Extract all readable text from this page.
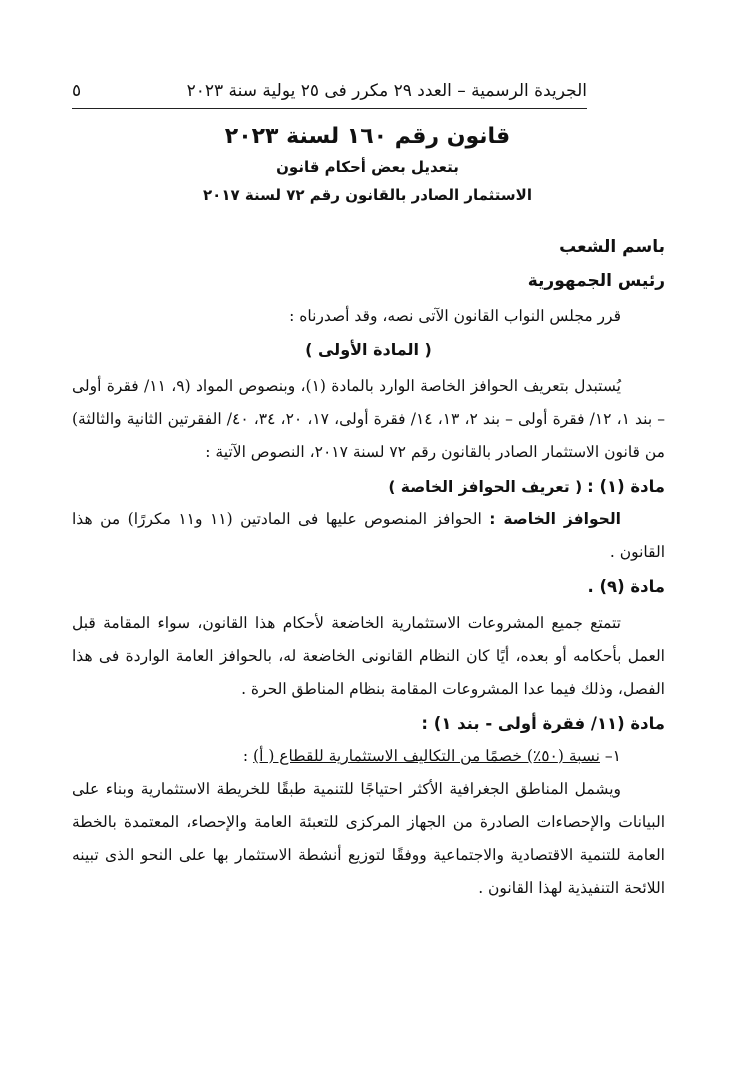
الجريدة الرسمية – العدد ٢٩ مكرر فى ٢٥ يولية سنة ٢٠٢٣
٥

قانون رقم ١٦٠ لسنة ٢٠٢٣

بتعديل بعض أحكام قانون

الاستثمار الصادر بالقانون رقم ٧٢ لسنة ٢٠١٧

باسم الشعب

رئيس الجمهورية

قرر مجلس النواب القانون الآتى نصه، وقد أصدرناه :

( المادة الأولى )

يُستبدل بتعريف الحوافز الخاصة الوارد بالمادة (١)، وبنصوص المواد (٩، ١١/ فقرة أولى – بند ١، ١٢/ فقرة أولى – بند ٢، ١٣، ١٤/ فقرة أولى، ١٧، ٢٠، ٣٤، ٤٠/ الفقرتين الثانية والثالثة) من قانون الاستثمار الصادر بالقانون رقم ٧٢ لسنة ٢٠١٧، النصوص الآتية :

مادة (١) : ( تعريف الحوافز الخاصة )

الحوافز الخاصة : الحوافز المنصوص عليها فى المادتين (١١ و١١ مكررًا) من هذا القانون .

مادة (٩) .

تتمتع جميع المشروعات الاستثمارية الخاضعة لأحكام هذا القانون، سواء المقامة قبل العمل بأحكامه أو بعده، أيًا كان النظام القانونى الخاضعة له، بالحوافز العامة الواردة فى هذا الفصل، وذلك فيما عدا المشروعات المقامة بنظام المناطق الحرة .

مادة (١١/ فقرة أولى - بند ١) :

١– نسبة (٥٠٪) خصمًا من التكاليف الاستثمارية للقطاع ( أ) :

ويشمل المناطق الجغرافية الأكثر احتياجًا للتنمية طبقًا للخريطة الاستثمارية وبناء على البيانات والإحصاءات الصادرة من الجهاز المركزى للتعبئة العامة والإحصاء، المعتمدة بالخطة العامة للتنمية الاقتصادية والاجتماعية ووفقًا لتوزيع أنشطة الاستثمار بها على النحو الذى تبينه اللائحة التنفيذية لهذا القانون .
